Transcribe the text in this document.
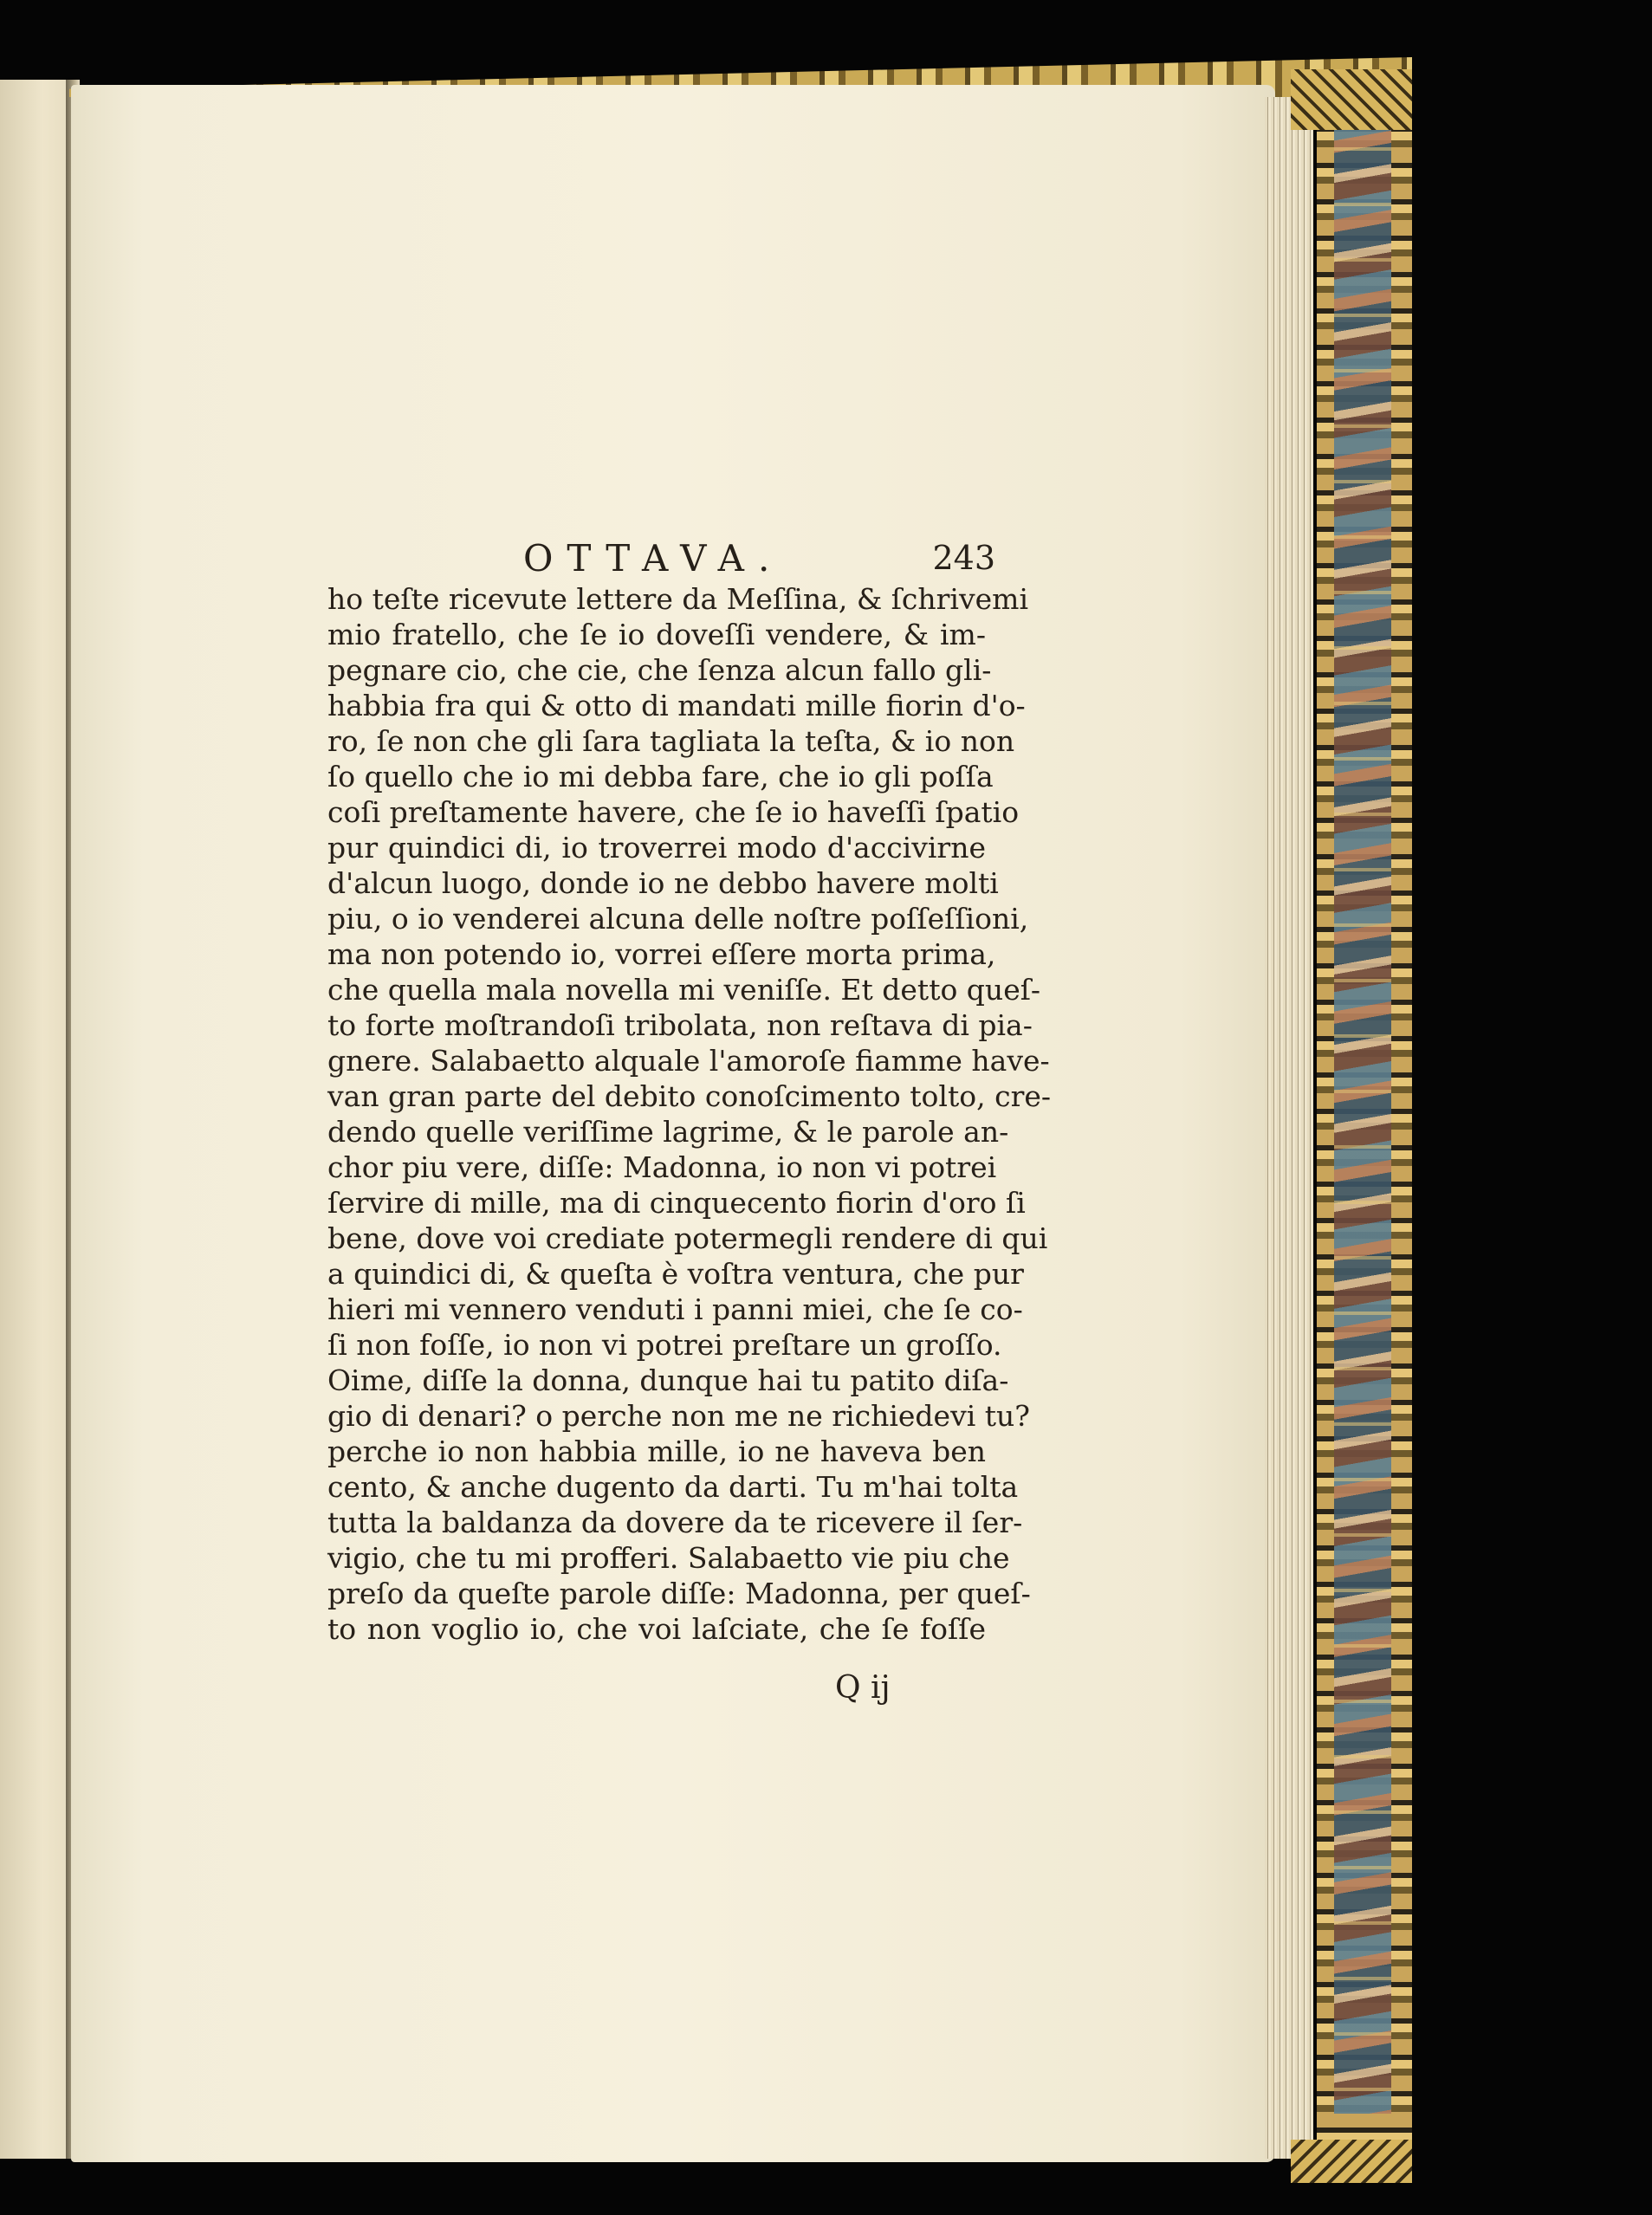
OTTAVA.	243
ho teſte ricevute lettere da Meſſina, & ſchrivemi
mio fratello, che ſe io doveſſi vendere, & im-
pegnare cio, che cie, che ſenza alcun fallo gli-
habbia fra qui & otto di mandati mille fiorin d'o-
ro, ſe non che gli ſara tagliata la teſta, & io non
ſo quello che io mi debba fare, che io gli poſſa
coſi preſtamente havere, che ſe io haveſſi ſpatio
pur quindici di, io troverrei modo d'accivirne
d'alcun luogo, donde io ne debbo havere molti
piu, o io venderei alcuna delle noſtre poſſeſſioni,
ma non potendo io, vorrei eſſere morta prima,
che quella mala novella mi veniſſe. Et detto queſ-
to forte moſtrandoſi tribolata, non reſtava di pia-
gnere. Salabaetto alquale l'amoroſe fiamme have-
van gran parte del debito conoſcimento tolto, cre-
dendo quelle veriſſime lagrime, & le parole an-
chor piu vere, diſſe: Madonna, io non vi potrei
ſervire di mille, ma di cinquecento fiorin d'oro ſi
bene, dove voi crediate potermegli rendere di qui
a quindici di, & queſta è voſtra ventura, che pur
hieri mi vennero venduti i panni miei, che ſe co-
ſi non foſſe, io non vi potrei preſtare un groſſo.
Oime, diſſe la donna, dunque hai tu patito diſa-
gio di denari? o perche non me ne richiedevi tu?
perche io non habbia mille, io ne haveva ben
cento, & anche dugento da darti. Tu m'hai tolta
tutta la baldanza da dovere da te ricevere il ſer-
vigio, che tu mi profferi. Salabaetto vie piu che
preſo da queſte parole diſſe: Madonna, per queſ-
to non voglio io, che voi laſciate, che ſe foſſe
Q ij
